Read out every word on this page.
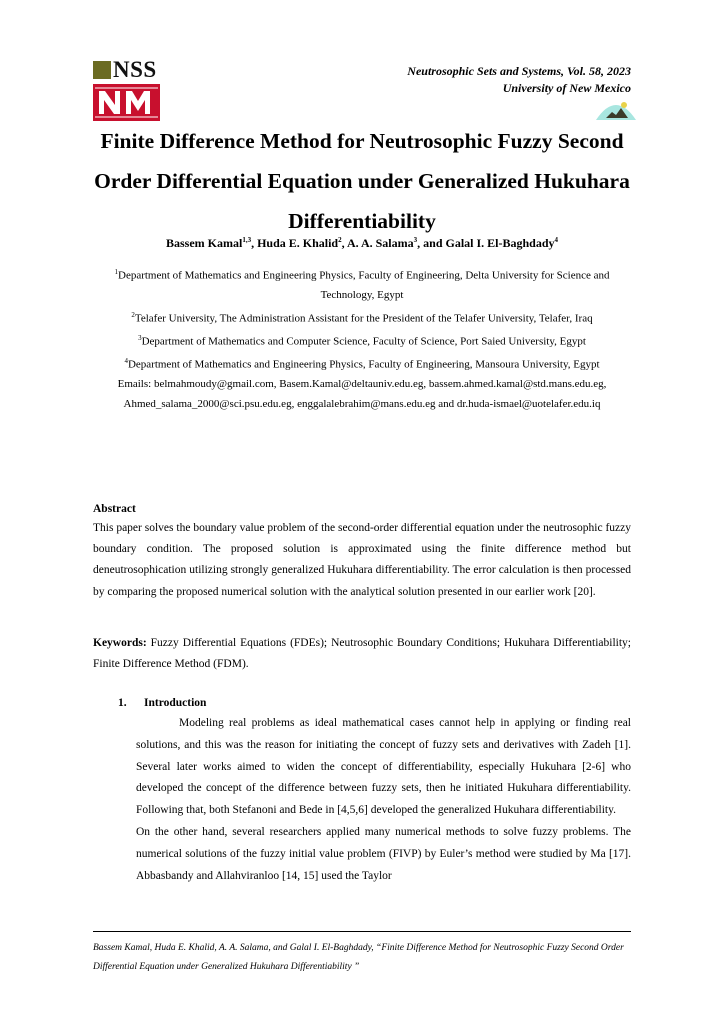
NSS	Neutrosophic Sets and Systems, Vol. 58, 2023
University of New Mexico
Finite Difference Method for Neutrosophic Fuzzy Second Order Differential Equation under Generalized Hukuhara Differentiability
Bassem Kamal$^{1,3}$, Huda E. Khalid$^2$, A. A. Salama$^3$, and Galal I. El-Baghdady$^4$

$^1$Department of Mathematics and Engineering Physics, Faculty of Engineering, Delta University for Science and Technology, Egypt

$^2$Telafer University, The Administration Assistant for the President of the Telafer University, Telafer, Iraq

$^3$Department of Mathematics and Computer Science, Faculty of Science, Port Saied University, Egypt

$^4$Department of Mathematics and Engineering Physics, Faculty of Engineering, Mansoura University, Egypt

Emails: belmahmoudy@gmail.com, Basem.Kamal@deltauniv.edu.eg, bassem.ahmed.kamal@std.mans.edu.eg, Ahmed_salama_2000@sci.psu.edu.eg, enggalalebrahim@mans.edu.eg and dr.huda-ismael@uotelafer.edu.iq

Abstract
This paper solves the boundary value problem of the second-order differential equation under the neutrosophic fuzzy boundary condition. The proposed solution is approximated using the finite difference method but deneutrosophication utilizing strongly generalized Hukuhara differentiability. The error calculation is then processed by comparing the proposed numerical solution with the analytical solution presented in our earlier work [20].
Keywords: Fuzzy Differential Equations (FDEs); Neutrosophic Boundary Conditions; Hukuhara Differentiability; Finite Difference Method (FDM).
1. Introduction

Modeling real problems as ideal mathematical cases cannot help in applying or finding real solutions, and this was the reason for initiating the concept of fuzzy sets and derivatives with Zadeh [1]. Several later works aimed to widen the concept of differentiability, especially Hukuhara [2-6] who developed the concept of the difference between fuzzy sets, then he initiated Hukuhara differentiability. Following that, both Stefanoni and Bede in [4,5,6] developed the generalized Hukuhara differentiability.

On the other hand, several researchers applied many numerical methods to solve fuzzy problems. The numerical solutions of the fuzzy initial value problem (FIVP) by Euler’s method were studied by Ma [17]. Abbasbandy and Allahviranloo [14, 15] used the Taylor

Bassem Kamal, Huda E. Khalid, A. A. Salama, and Galal I. El-Baghdady, “Finite Difference Method for Neutrosophic Fuzzy Second Order Differential Equation under Generalized Hukuhara Differentiability ”
